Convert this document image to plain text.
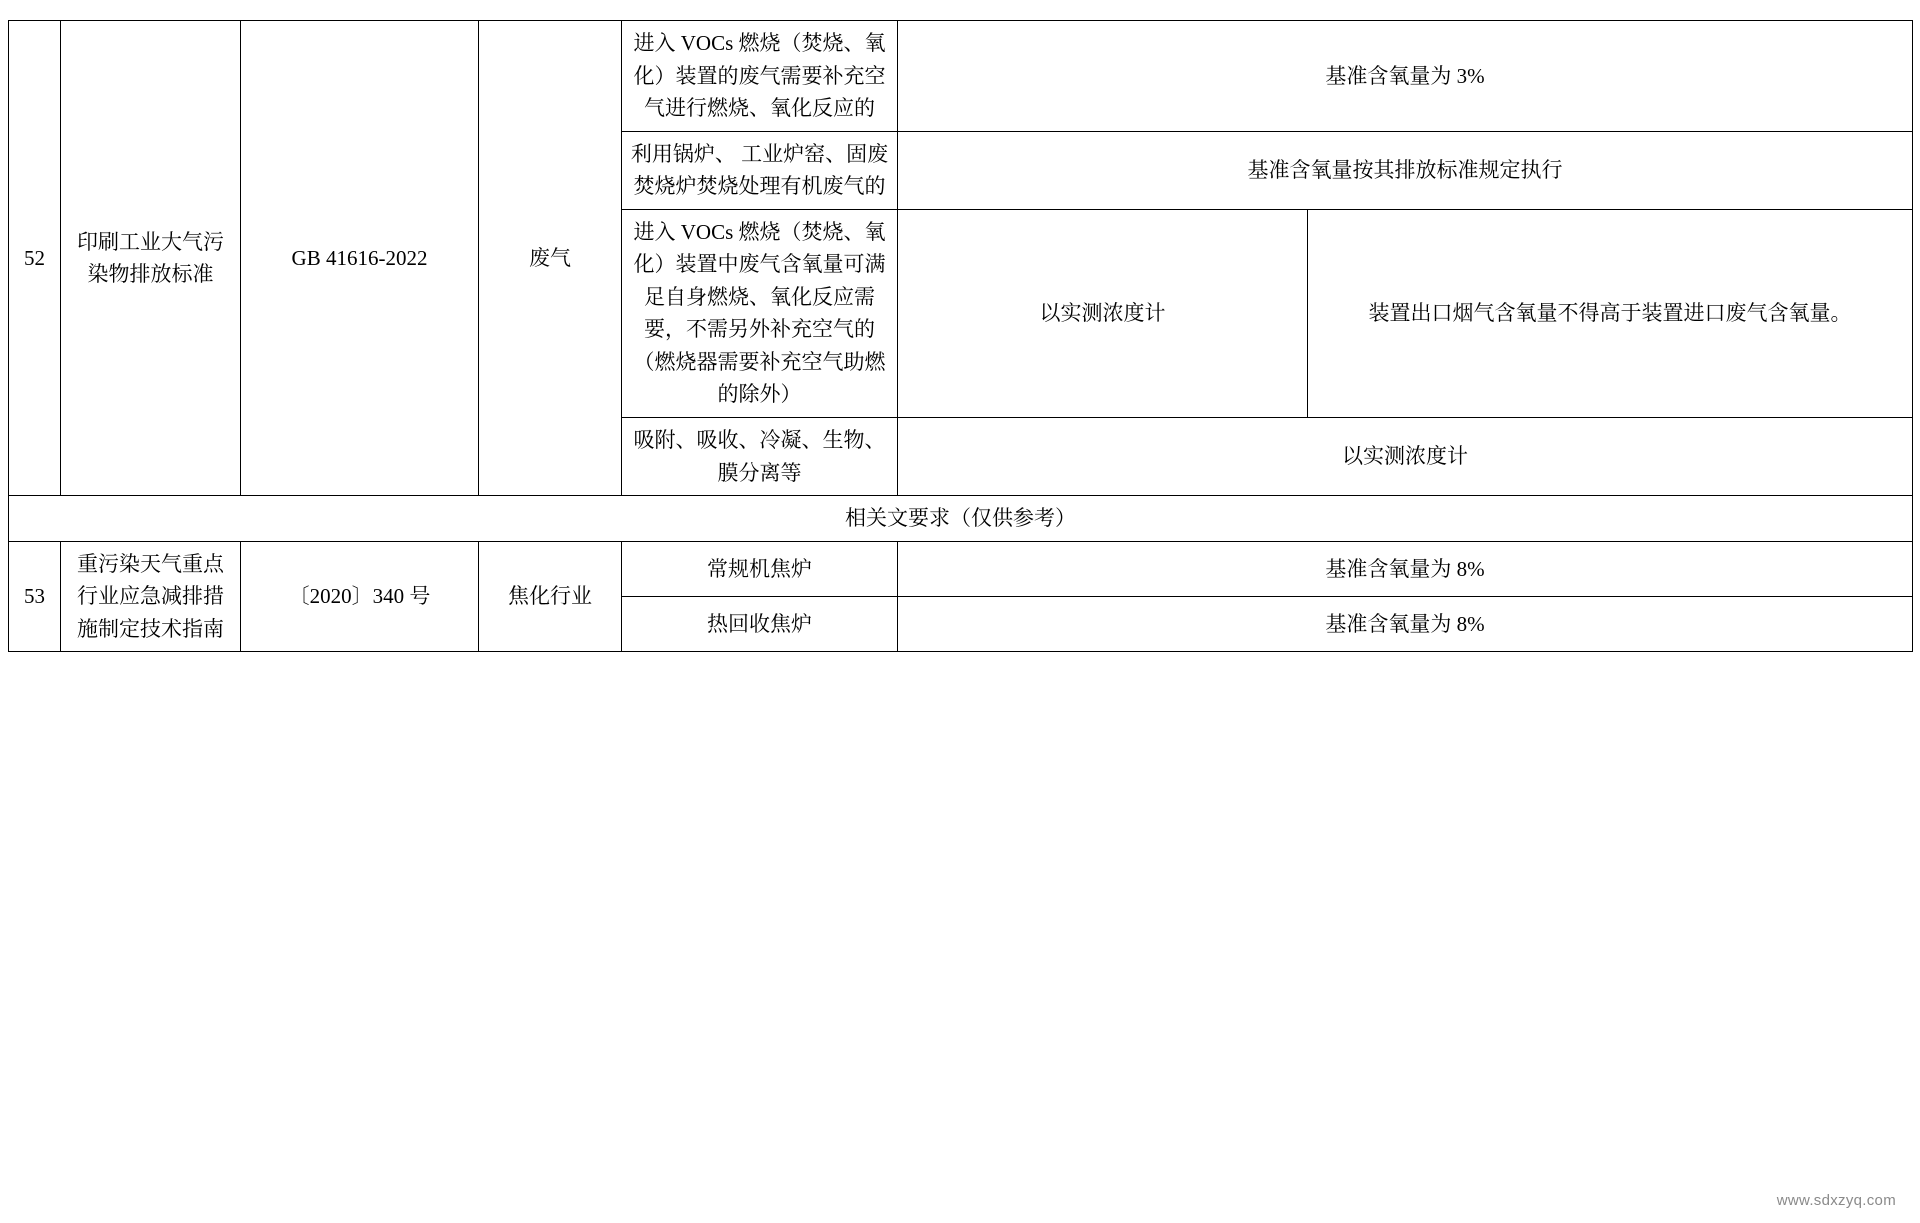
52	印刷工业大气污染物排放标准	GB 41616-2022	废气	进入 VOCs 燃烧（焚烧、氧化）装置的废气需要补充空气进行燃烧、氧化反应的	基准含氧量为 3%	
				利用锅炉、 工业炉窑、固废焚烧炉焚烧处理有机废气的	基准含氧量按其排放标准规定执行	
				进入 VOCs 燃烧（焚烧、氧化）装置中废气含氧量可满足自身燃烧、氧化反应需要，不需另外补充空气的（燃烧器需要补充空气助燃的除外）	以实测浓度计	装置出口烟气含氧量不得高于装置进口废气含氧量。
				吸附、吸收、冷凝、生物、膜分离等	以实测浓度计	
相关文要求（仅供参考）						
53	重污染天气重点行业应急减排措施制定技术指南	〔2020〕340 号	焦化行业	常规机焦炉	基准含氧量为 8%	
				热回收焦炉	基准含氧量为 8%	
www.sdxzyq.com
